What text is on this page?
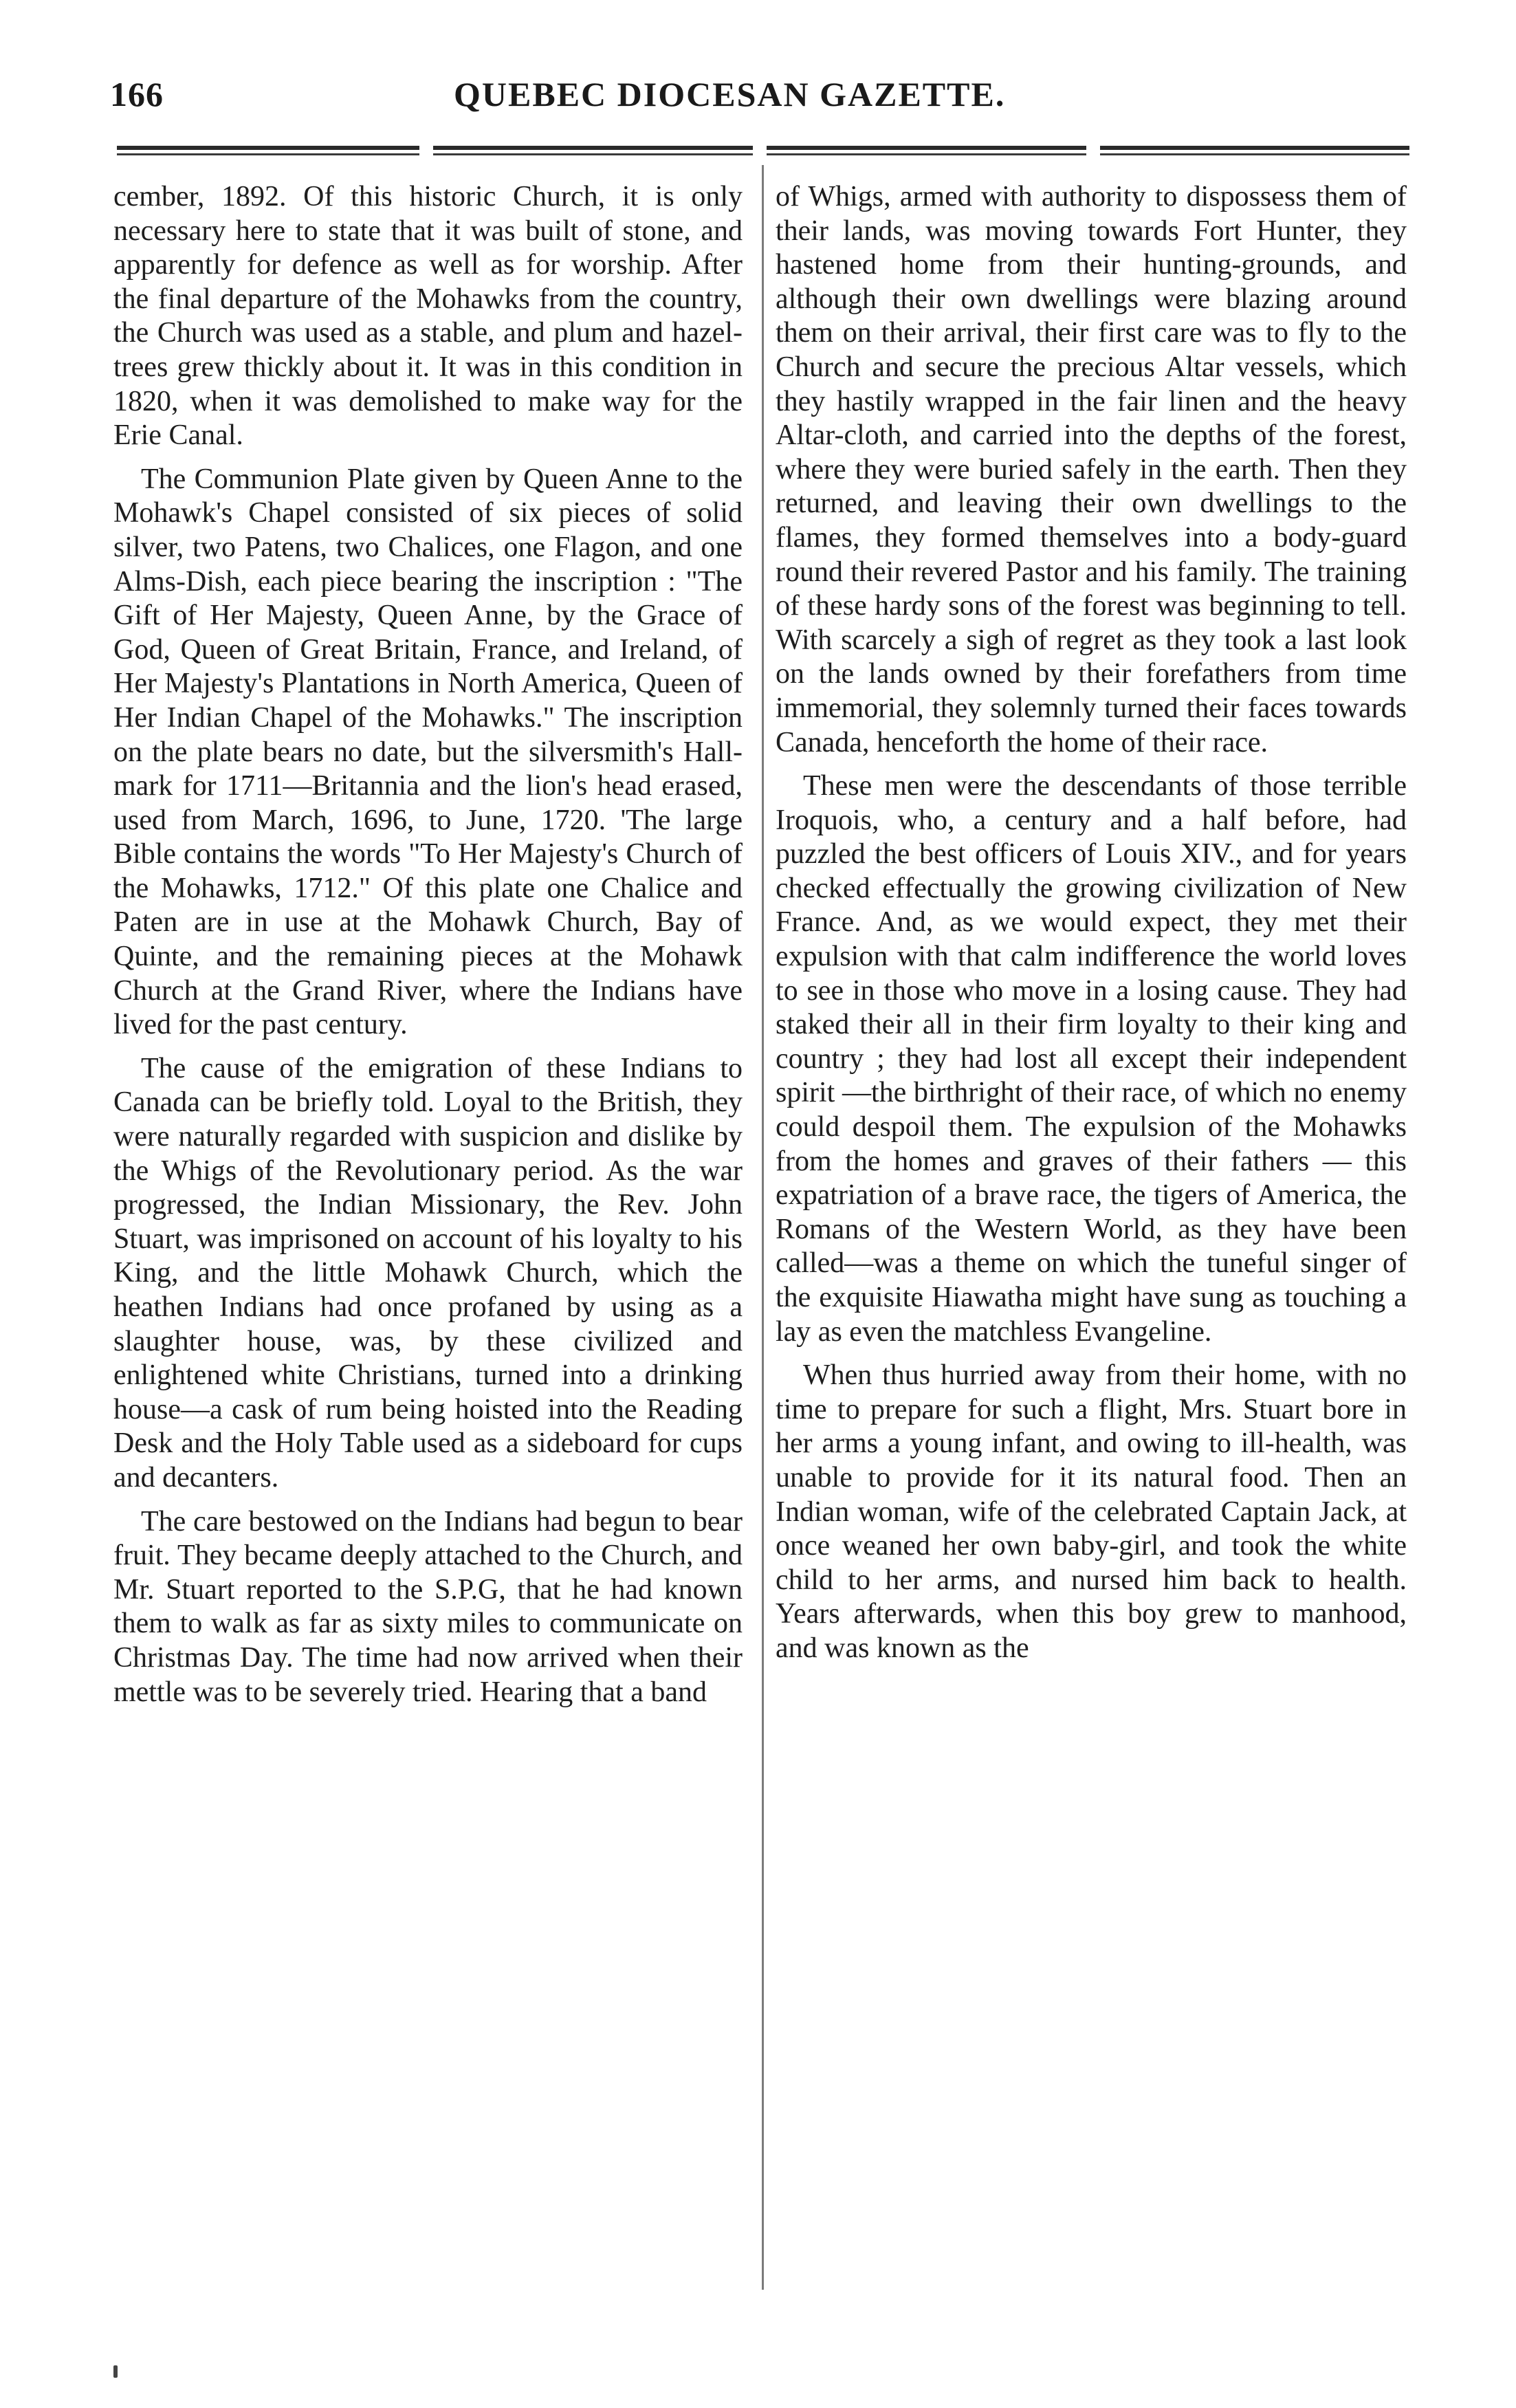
166	QUEBEC DIOCESAN GAZETTE.

cember, 1892. Of this historic Church, it is only necessary here to state that it was built of stone, and apparently for defence as well as for worship. After the final departure of the Mohawks from the country, the Church was used as a stable, and plum and hazel-trees grew thickly about it. It was in this condition in 1820, when it was demolished to make way for the Erie Canal.

The Communion Plate given by Queen Anne to the Mohawk's Chapel consisted of six pieces of solid silver, two Patens, two Chalices, one Flagon, and one Alms-Dish, each piece bearing the inscription : "The Gift of Her Majesty, Queen Anne, by the Grace of God, Queen of Great Britain, France, and Ireland, of Her Majesty's Plantations in North America, Queen of Her Indian Chapel of the Mohawks." The inscription on the plate bears no date, but the silversmith's Hall-mark for 1711—Britannia and the lion's head erased, used from March, 1696, to June, 1720. 'The large Bible contains the words "To Her Majesty's Church of the Mohawks, 1712." Of this plate one Chalice and Paten are in use at the Mohawk Church, Bay of Quinte, and the remaining pieces at the Mohawk Church at the Grand River, where the Indians have lived for the past century.

The cause of the emigration of these Indians to Canada can be briefly told. Loyal to the British, they were naturally regarded with suspicion and dislike by the Whigs of the Revolutionary period. As the war progressed, the Indian Missionary, the Rev. John Stuart, was imprisoned on account of his loyalty to his King, and the little Mohawk Church, which the heathen Indians had once profaned by using as a slaughter house, was, by these civilized and enlightened white Christians, turned into a drinking house—a cask of rum being hoisted into the Reading Desk and the Holy Table used as a sideboard for cups and decanters.

The care bestowed on the Indians had begun to bear fruit. They became deeply attached to the Church, and Mr. Stuart reported to the S.P.G, that he had known them to walk as far as sixty miles to communicate on Christmas Day. The time had now arrived when their mettle was to be severely tried. Hearing that a band

of Whigs, armed with authority to dispossess them of their lands, was moving towards Fort Hunter, they hastened home from their hunting-grounds, and although their own dwellings were blazing around them on their arrival, their first care was to fly to the Church and secure the precious Altar vessels, which they hastily wrapped in the fair linen and the heavy Altar-cloth, and carried into the depths of the forest, where they were buried safely in the earth. Then they returned, and leaving their own dwellings to the flames, they formed themselves into a body-guard round their revered Pastor and his family. The training of these hardy sons of the forest was beginning to tell. With scarcely a sigh of regret as they took a last look on the lands owned by their forefathers from time immemorial, they solemnly turned their faces towards Canada, henceforth the home of their race.

These men were the descendants of those terrible Iroquois, who, a century and a half before, had puzzled the best officers of Louis XIV., and for years checked effectually the growing civilization of New France. And, as we would expect, they met their expulsion with that calm indifference the world loves to see in those who move in a losing cause. They had staked their all in their firm loyalty to their king and country ; they had lost all except their independent spirit —the birthright of their race, of which no enemy could despoil them. The expulsion of the Mohawks from the homes and graves of their fathers — this expatriation of a brave race, the tigers of America, the Romans of the Western World, as they have been called—was a theme on which the tuneful singer of the exquisite Hiawatha might have sung as touching a lay as even the matchless Evangeline.

When thus hurried away from their home, with no time to prepare for such a flight, Mrs. Stuart bore in her arms a young infant, and owing to ill-health, was unable to provide for it its natural food. Then an Indian woman, wife of the celebrated Captain Jack, at once weaned her own baby-girl, and took the white child to her arms, and nursed him back to health. Years afterwards, when this boy grew to manhood, and was known as the
